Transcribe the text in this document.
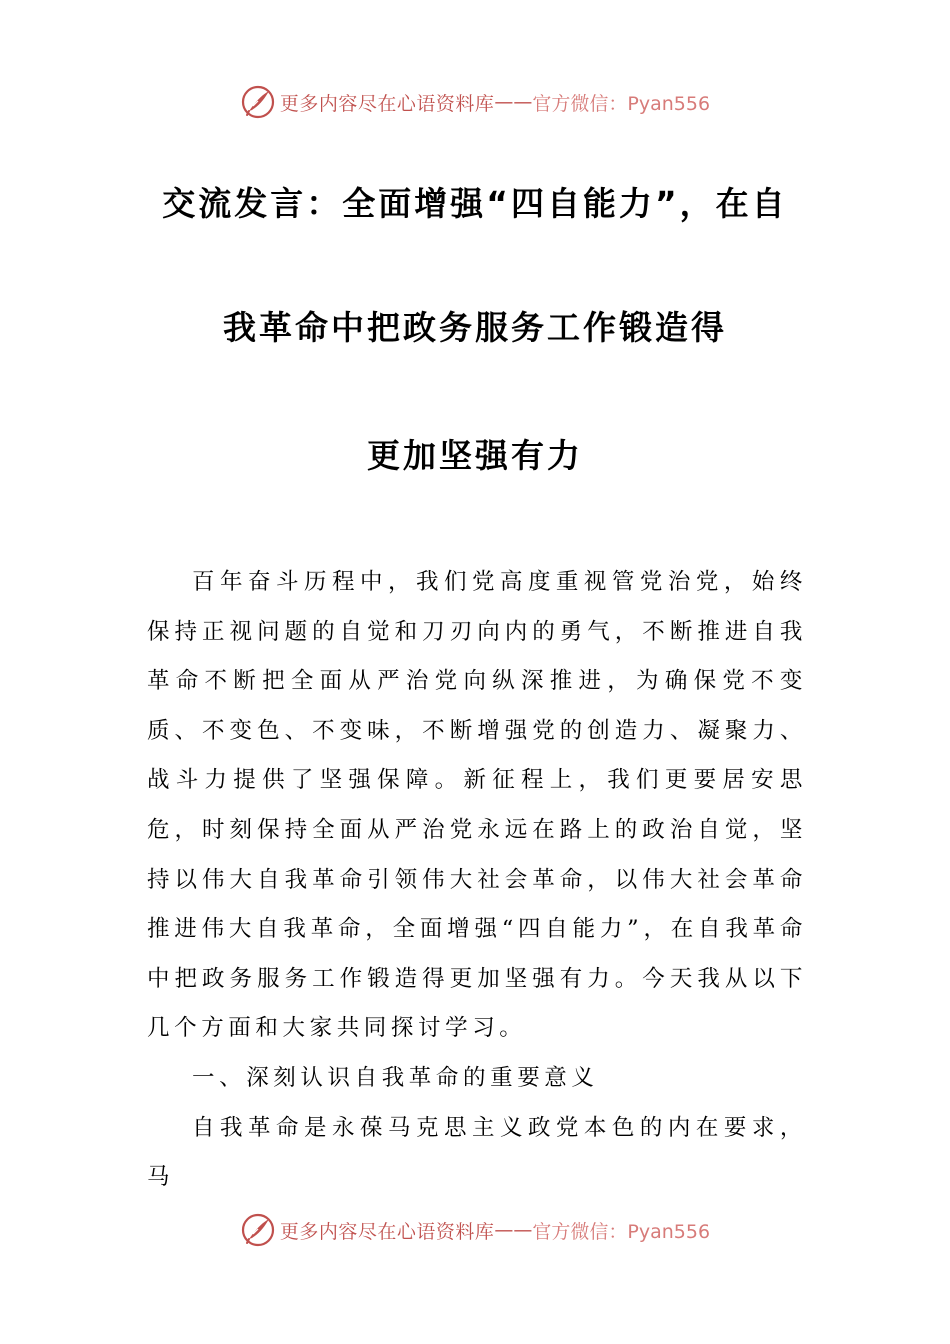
更多内容尽在心语资料库 —— 官方微信：Pyan556
交流发言：全面增强“四自能力”，在自
我革命中把政务服务工作锻造得
更加坚强有力

百年奋斗历程中，我们党高度重视管党治党，始终保持正视问题的自觉和刀刃向内的勇气，不断推进自我革命不断把全面从严治党向纵深推进，为确保党不变质、不变色、不变味，不断增强党的创造力、凝聚力、战斗力提供了坚强保障。新征程上，我们更要居安思危，时刻保持全面从严治党永远在路上的政治自觉，坚持以伟大自我革命引领伟大社会革命，以伟大社会革命推进伟大自我革命，全面增强“四自能力”，在自我革命中把政务服务工作锻造得更加坚强有力。今天我从以下几个方面和大家共同探讨学习。

一、深刻认识自我革命的重要意义

自我革命是永葆马克思主义政党本色的内在要求，马

更多内容尽在心语资料库 —— 官方微信：Pyan556
